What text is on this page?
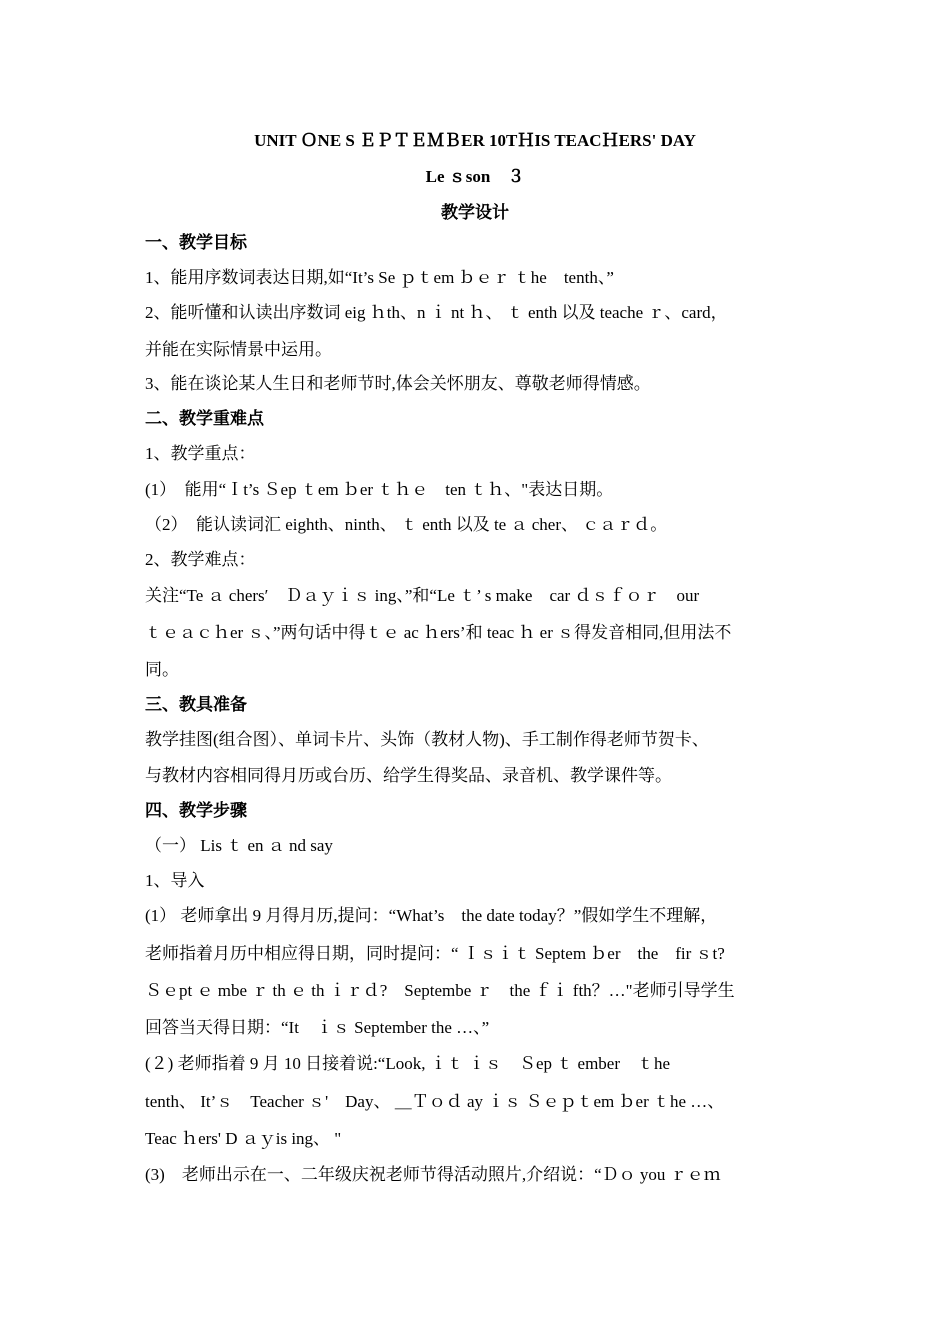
UNIT ＯNE S ＥＰＴＥＭＢER 10TＨIS TEACＨERS' DAY
Le ｓson　３
教学设计
一、教学目标
1、能用序数词表达日期,如“It’s Se ｐｔem ｂｅｒ ｔhe　tenth、”
2、能听懂和认读出序数词 eig ｈth、n ｉ nt ｈ、 ｔ enth 以及 teache ｒ、card，
并能在实际情景中运用。
3、能在谈论某人生日和老师节时,体会关怀朋友、尊敬老师得情感。
二、教学重难点
1、教学重点：
(1）　能用“Ｉt’s Ｓep ｔem ｂer ｔｈｅ　ten ｔｈ、"表达日期。
（2）　能认读词汇 eighth、ninth、 ｔ enth 以及 te ａ cher、 ｃａｒｄ。
2、教学难点：
关注“Te ａ chers′　Ｄａｙｉｓ ing、”和“Le ｔ’ s make　car ｄｓｆｏｒ　our
ｔｅａｃｈer ｓ、”两句话中得ｔｅ ac ｈers’和 teac ｈ er ｓ得发音相同,但用法不
同。
三、教具准备
教学挂图(组合图）、单词卡片、头饰（教材人物)、手工制作得老师节贺卡、
与教材内容相同得月历或台历、给学生得奖品、录音机、教学课件等。
四、教学步骤
（一） Lis ｔ en ａ nd say
1、导入
(1） 老师拿出 9 月得月历,提问：“What’s　the date today？”假如学生不理解，
老师指着月历中相应得日期，同时提问：“ Ｉｓｉｔ Septem ｂer　the　fir ｓt?
Ｓｅpt ｅ mbe ｒ th ｅ th ｉｒｄ?　Septembe ｒ　the ｆｉ fth？…"老师引导学生
回答当天得日期：“It　ｉｓ September the …、”
(２) 老师指着 9 月 10 日接着说:“Look, ｉｔ ｉｓ　Ｓep ｔ ember　ｔhe
tenth、 It’ｓ　Teacher ｓ'　Day、 ＿Ｔｏｄ ay ｉｓ Ｓｅｐｔem ｂer ｔhe …、
Teac ｈers' D ａｙis ing、 "
(3)　老师出示在一、二年级庆祝老师节得活动照片,介绍说：“Ｄｏ you ｒｅｍ
